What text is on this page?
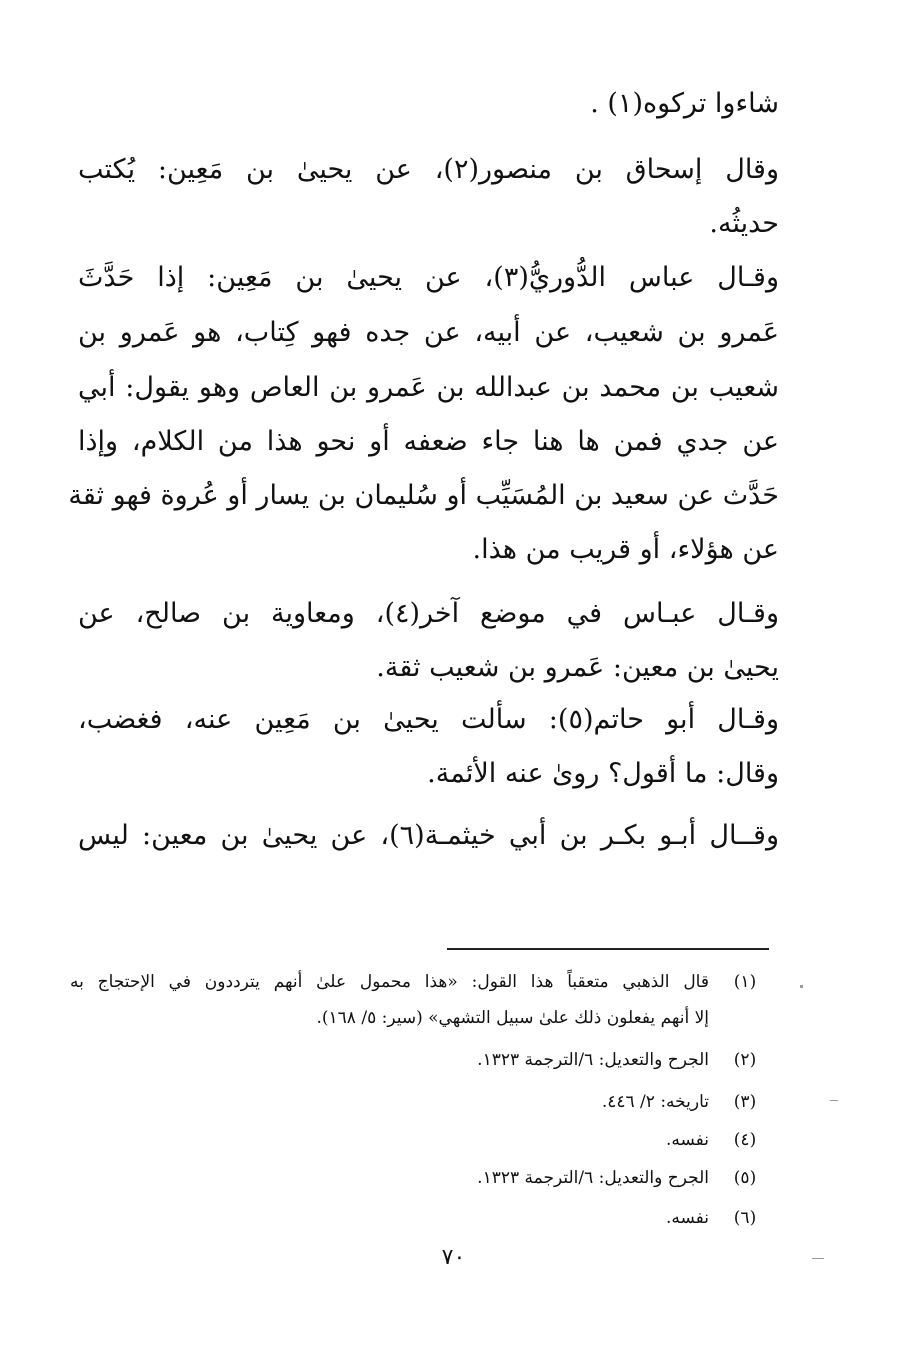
شاءوا تركوه(١) .
وقال إسحاق بن منصور(٢)، عن يحيىٰ بن مَعِين: يُكتب
حديثُه.
وقـال عباس الدُّوريُّ(٣)، عن يحيىٰ بن مَعِين: إذا حَدَّثَ
عَمرو بن شعيب، عن أبيه، عن جده فهو كِتاب، هو عَمرو بن
شعيب بن محمد بن عبدالله بن عَمرو بن العاص وهو يقول: أبي
عن جدي فمن ها هنا جاء ضعفه أو نحو هذا من الكلام، وإذا
حَدَّث عن سعيد بن المُسَيِّب أو سُليمان بن يسار أو عُروة فهو ثقة
عن هؤلاء، أو قريب من هذا.
وقـال عبـاس في موضع آخر(٤)، ومعاوية بن صالح، عن
يحيىٰ بن معين: عَمرو بن شعيب ثقة.
وقـال أبو حاتم(٥): سألت يحيىٰ بن مَعِين عنه، فغضب،
وقال: ما أقول؟ روىٰ عنه الأئمة.
وقــال أبـو بكـر بن أبي خيثمـة(٦)، عن يحيىٰ بن معين: ليس
(١)
قال الذهبي متعقباً هذا القول: «هذا محمول علىٰ أنهم يترددون في الإحتجاج به
إلا أنهم يفعلون ذلك علىٰ سبيل التشهي» (سير: ٥/ ١٦٨).
(٢)
الجرح والتعديل: ٦/الترجمة ١٣٢٣.
(٣)
تاريخه: ٢/ ٤٤٦.
(٤)
نفسه.
(٥)
الجرح والتعديل: ٦/الترجمة ١٣٢٣.
(٦)
نفسه.
٧٠
